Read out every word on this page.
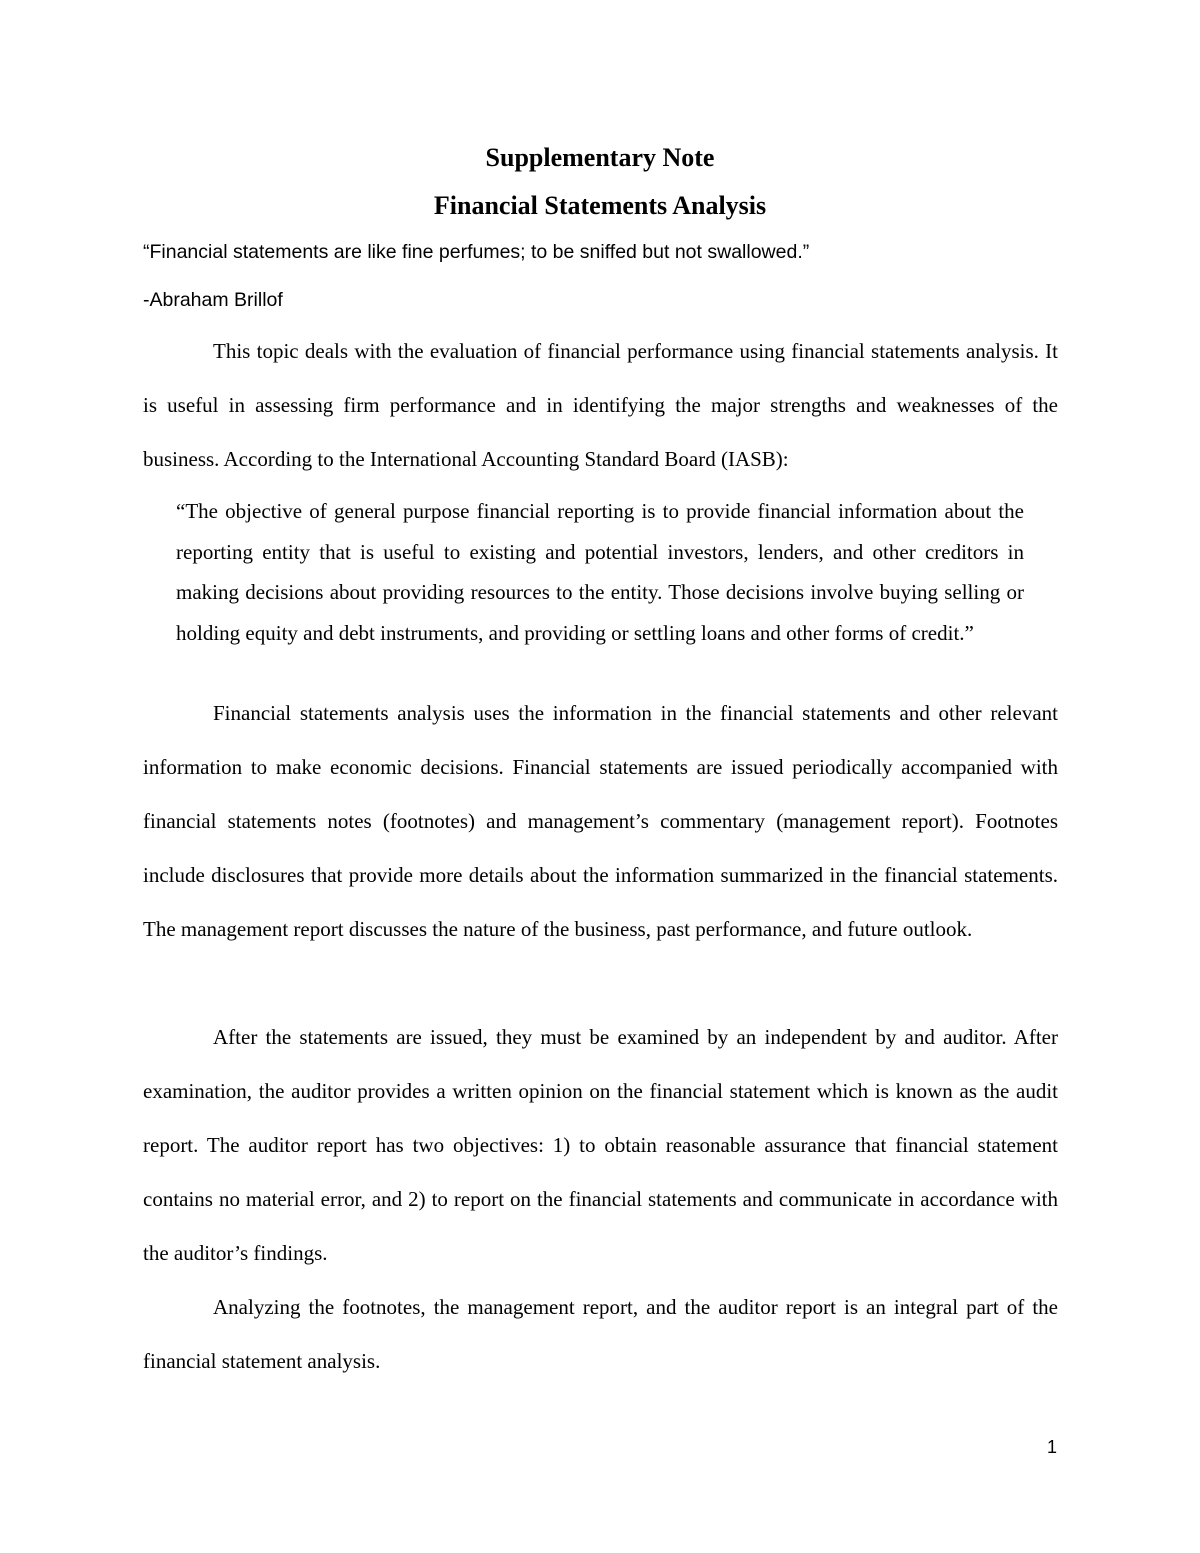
Supplementary Note
Financial Statements Analysis
“Financial statements are like fine perfumes; to be sniffed but not swallowed.”
-Abraham Brillof

This topic deals with the evaluation of financial performance using financial statements analysis. It is useful in assessing firm performance and in identifying the major strengths and weaknesses of the business. According to the International Accounting Standard Board (IASB):

“The objective of general purpose financial reporting is to provide financial information about the reporting entity that is useful to existing and potential investors, lenders, and other creditors in making decisions about providing resources to the entity. Those decisions involve buying selling or holding equity and debt instruments, and providing or settling loans and other forms of credit.”

Financial statements analysis uses the information in the financial statements and other relevant information to make economic decisions. Financial statements are issued periodically accompanied with financial statements notes (footnotes) and management’s commentary (management report). Footnotes include disclosures that provide more details about the information summarized in the financial statements. The management report discusses the nature of the business, past performance, and future outlook.

After the statements are issued, they must be examined by an independent by and auditor. After examination, the auditor provides a written opinion on the financial statement which is known as the audit report. The auditor report has two objectives: 1) to obtain reasonable assurance that financial statement contains no material error, and 2) to report on the financial statements and communicate in accordance with the auditor’s findings.

Analyzing the footnotes, the management report, and the auditor report is an integral part of the financial statement analysis.

1
